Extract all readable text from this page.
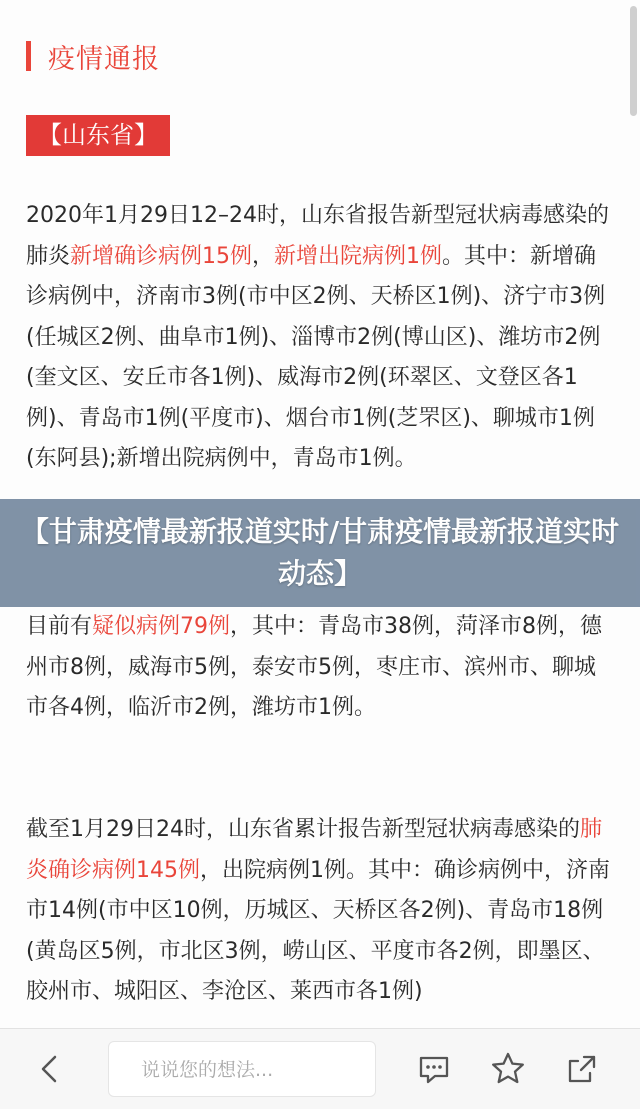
疫情通报
【山东省】

2020年1月29日12–24时，山东省报告新型冠状病毒感染的肺炎新增确诊病例15例，新增出院病例1例。其中：新增确诊病例中，济南市3例(市中区2例、天桥区1例)、济宁市3例(任城区2例、曲阜市1例)、淄博市2例(博山区)、潍坊市2例(奎文区、安丘市各1例)、威海市2例(环翠区、文登区各1例)、青岛市1例(平度市)、烟台市1例(芝罘区)、聊城市1例(东阿县);新增出院病例中，青岛市1例。

目前有疑似病例79例，其中：青岛市38例，菏泽市8例，德州市8例，威海市5例，泰安市5例，枣庄市、滨州市、聊城市各4例，临沂市2例，潍坊市1例。

截至1月29日24时，山东省累计报告新型冠状病毒感染的肺炎确诊病例145例，出院病例1例。其中：确诊病例中，济南市14例(市中区10例，历城区、天桥区各2例)、青岛市18例(黄岛区5例，市北区3例，崂山区、平度市各2例，即墨区、胶州市、城阳区、李沧区、莱西市各1例)

【甘肃疫情最新报道实时/甘肃疫情最新报道实时动态】
说说您的想法...
